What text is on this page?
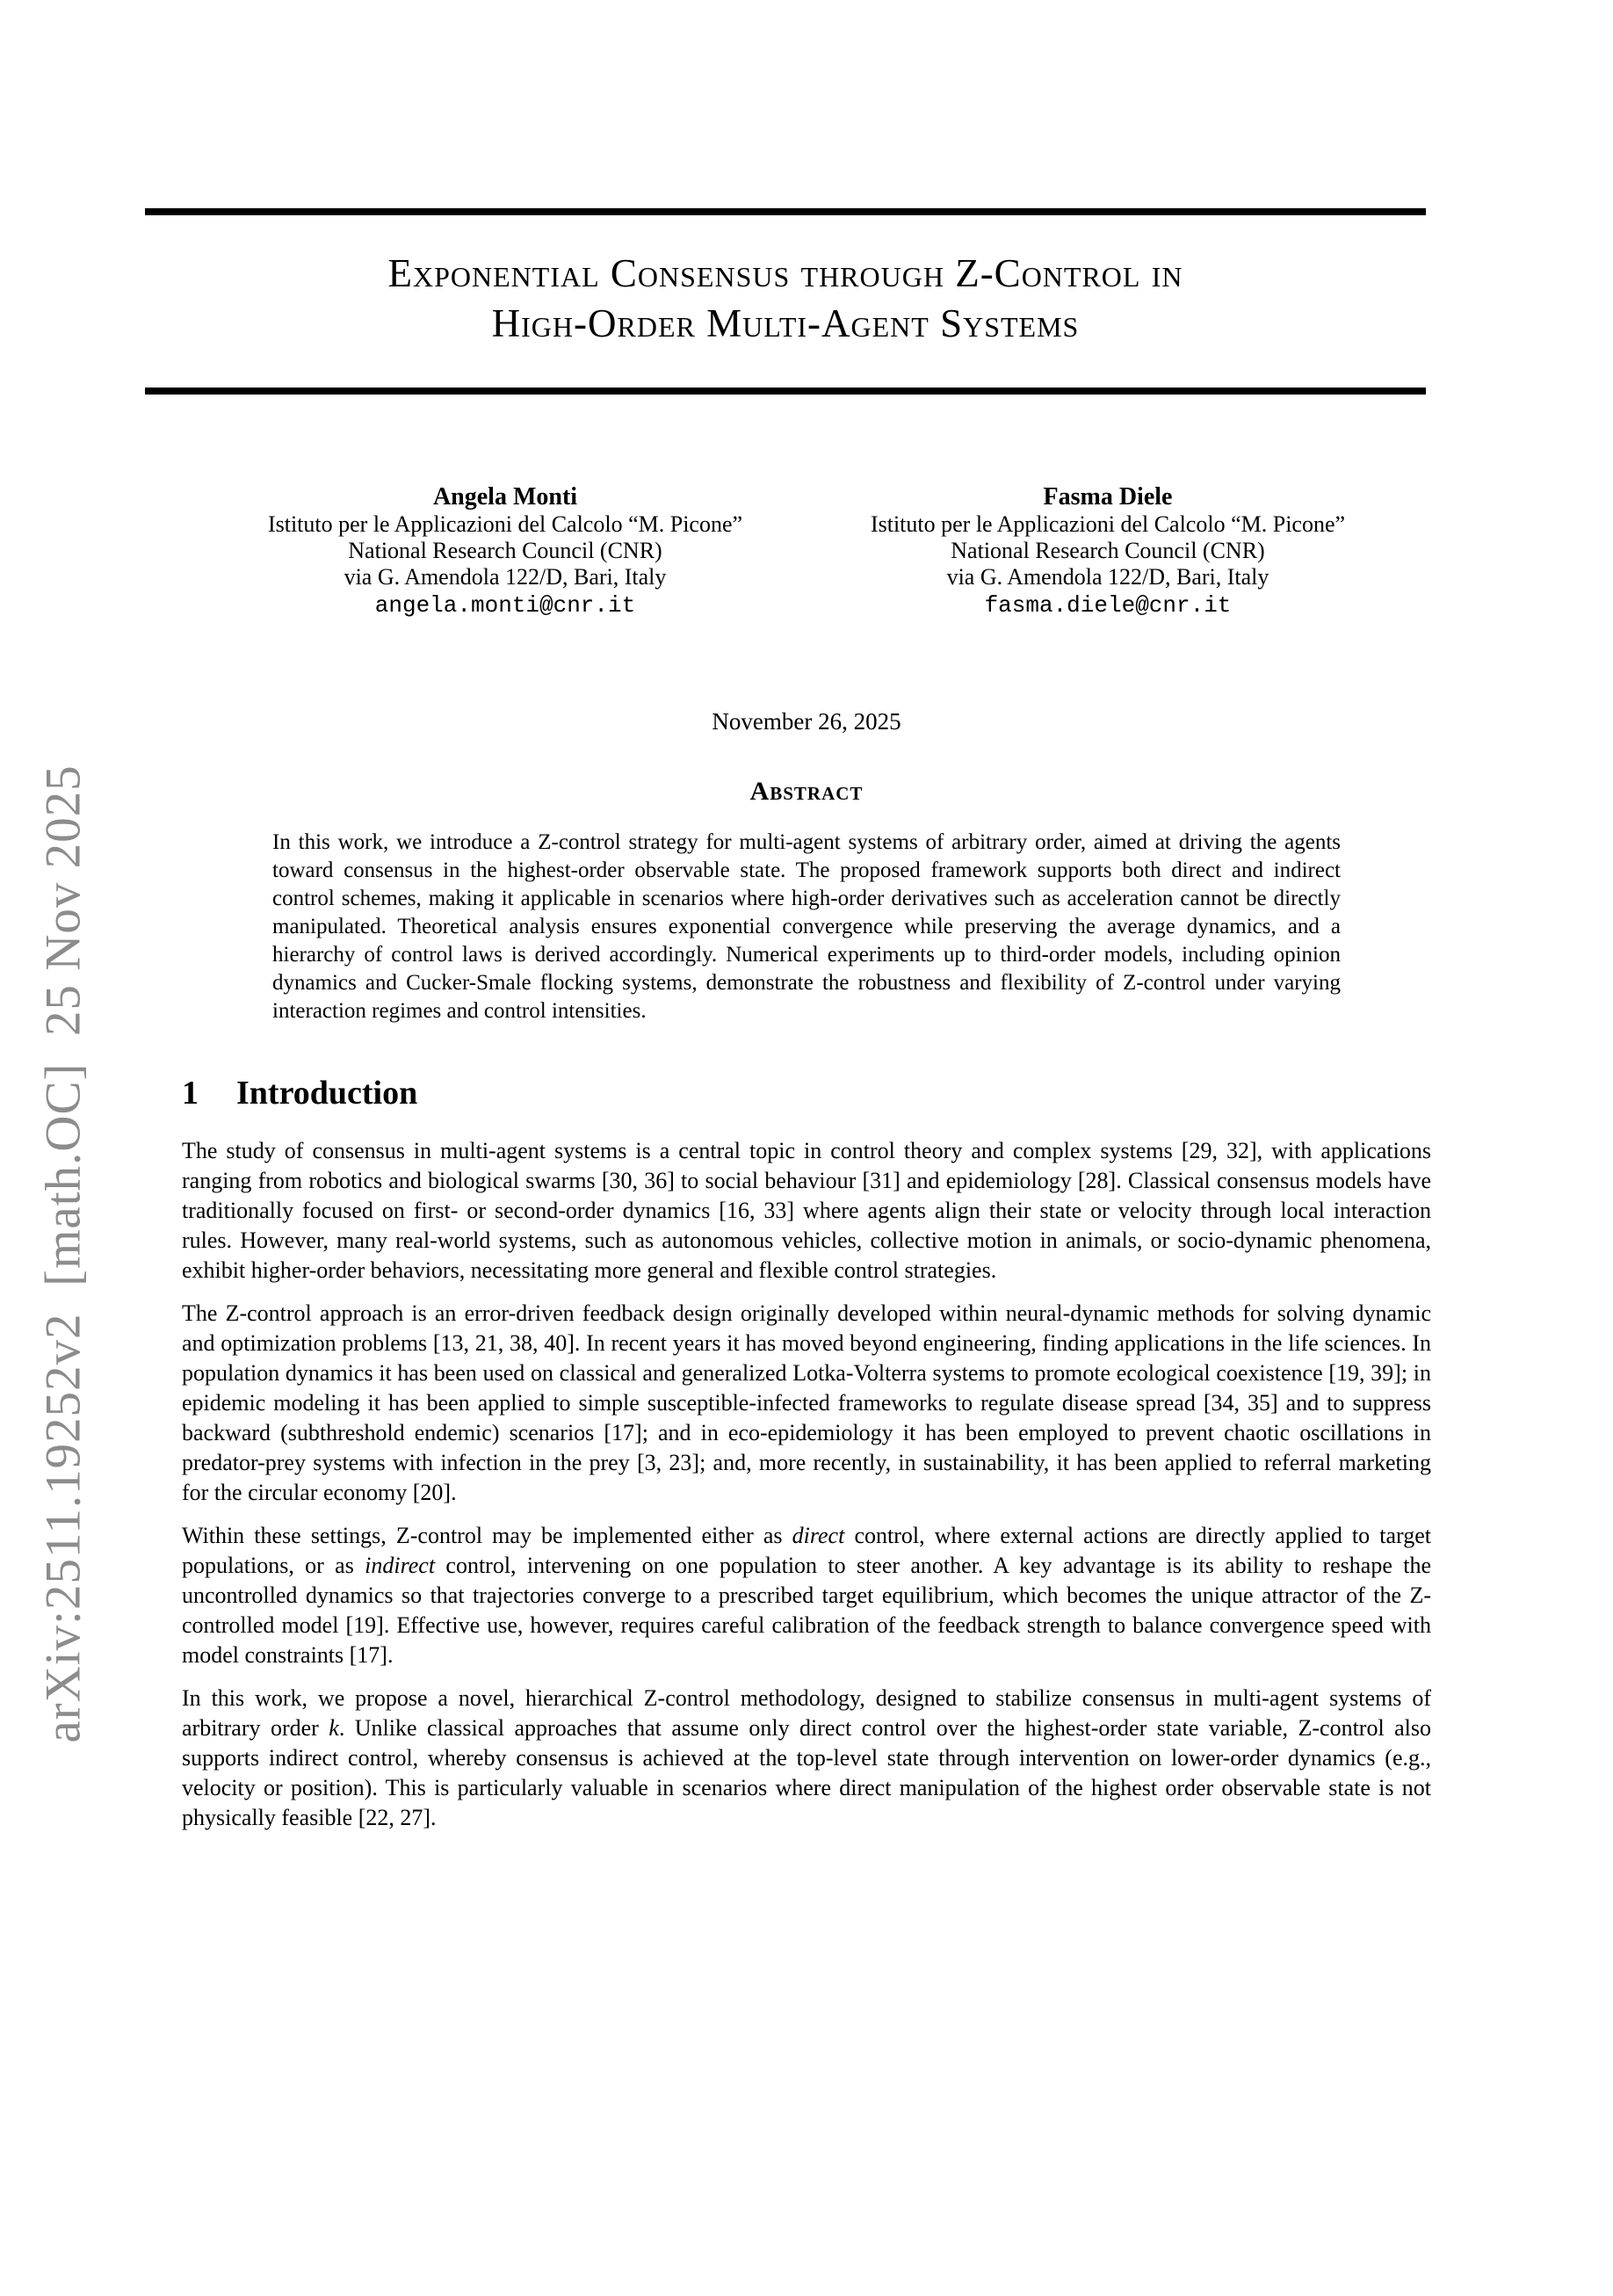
arXiv:2511.19252v2  [math.OC]  25 Nov 2025
Exponential Consensus through Z-Control in
High-Order Multi-Agent Systems
Angela Monti
Istituto per le Applicazioni del Calcolo “M. Picone”
National Research Council (CNR)
via G. Amendola 122/D, Bari, Italy
angela.monti@cnr.it
Fasma Diele
Istituto per le Applicazioni del Calcolo “M. Picone”
National Research Council (CNR)
via G. Amendola 122/D, Bari, Italy
fasma.diele@cnr.it
November 26, 2025
Abstract
In this work, we introduce a Z-control strategy for multi-agent systems of arbitrary order, aimed at driving the agents toward consensus in the highest-order observable state. The proposed framework supports both direct and indirect control schemes, making it applicable in scenarios where high-order derivatives such as acceleration cannot be directly manipulated. Theoretical analysis ensures exponential convergence while preserving the average dynamics, and a hierarchy of control laws is derived accordingly. Numerical experiments up to third-order models, including opinion dynamics and Cucker-Smale flocking systems, demonstrate the robustness and flexibility of Z-control under varying interaction regimes and control intensities.
1 Introduction

The study of consensus in multi-agent systems is a central topic in control theory and complex systems [29, 32], with applications ranging from robotics and biological swarms [30, 36] to social behaviour [31] and epidemiology [28]. Classical consensus models have traditionally focused on first- or second-order dynamics [16, 33] where agents align their state or velocity through local interaction rules. However, many real-world systems, such as autonomous vehicles, collective motion in animals, or socio-dynamic phenomena, exhibit higher-order behaviors, necessitating more general and flexible control strategies.

The Z-control approach is an error-driven feedback design originally developed within neural-dynamic methods for solving dynamic and optimization problems [13, 21, 38, 40]. In recent years it has moved beyond engineering, finding applications in the life sciences. In population dynamics it has been used on classical and generalized Lotka-Volterra systems to promote ecological coexistence [19, 39]; in epidemic modeling it has been applied to simple susceptible-infected frameworks to regulate disease spread [34, 35] and to suppress backward (subthreshold endemic) scenarios [17]; and in eco-epidemiology it has been employed to prevent chaotic oscillations in predator-prey systems with infection in the prey [3, 23]; and, more recently, in sustainability, it has been applied to referral marketing for the circular economy [20].

Within these settings, Z-control may be implemented either as direct control, where external actions are directly applied to target populations, or as indirect control, intervening on one population to steer another. A key advantage is its ability to reshape the uncontrolled dynamics so that trajectories converge to a prescribed target equilibrium, which becomes the unique attractor of the Z-controlled model [19]. Effective use, however, requires careful calibration of the feedback strength to balance convergence speed with model constraints [17].

In this work, we propose a novel, hierarchical Z-control methodology, designed to stabilize consensus in multi-agent systems of arbitrary order k. Unlike classical approaches that assume only direct control over the highest-order state variable, Z-control also supports indirect control, whereby consensus is achieved at the top-level state through intervention on lower-order dynamics (e.g., velocity or position). This is particularly valuable in scenarios where direct manipulation of the highest order observable state is not physically feasible [22, 27].
